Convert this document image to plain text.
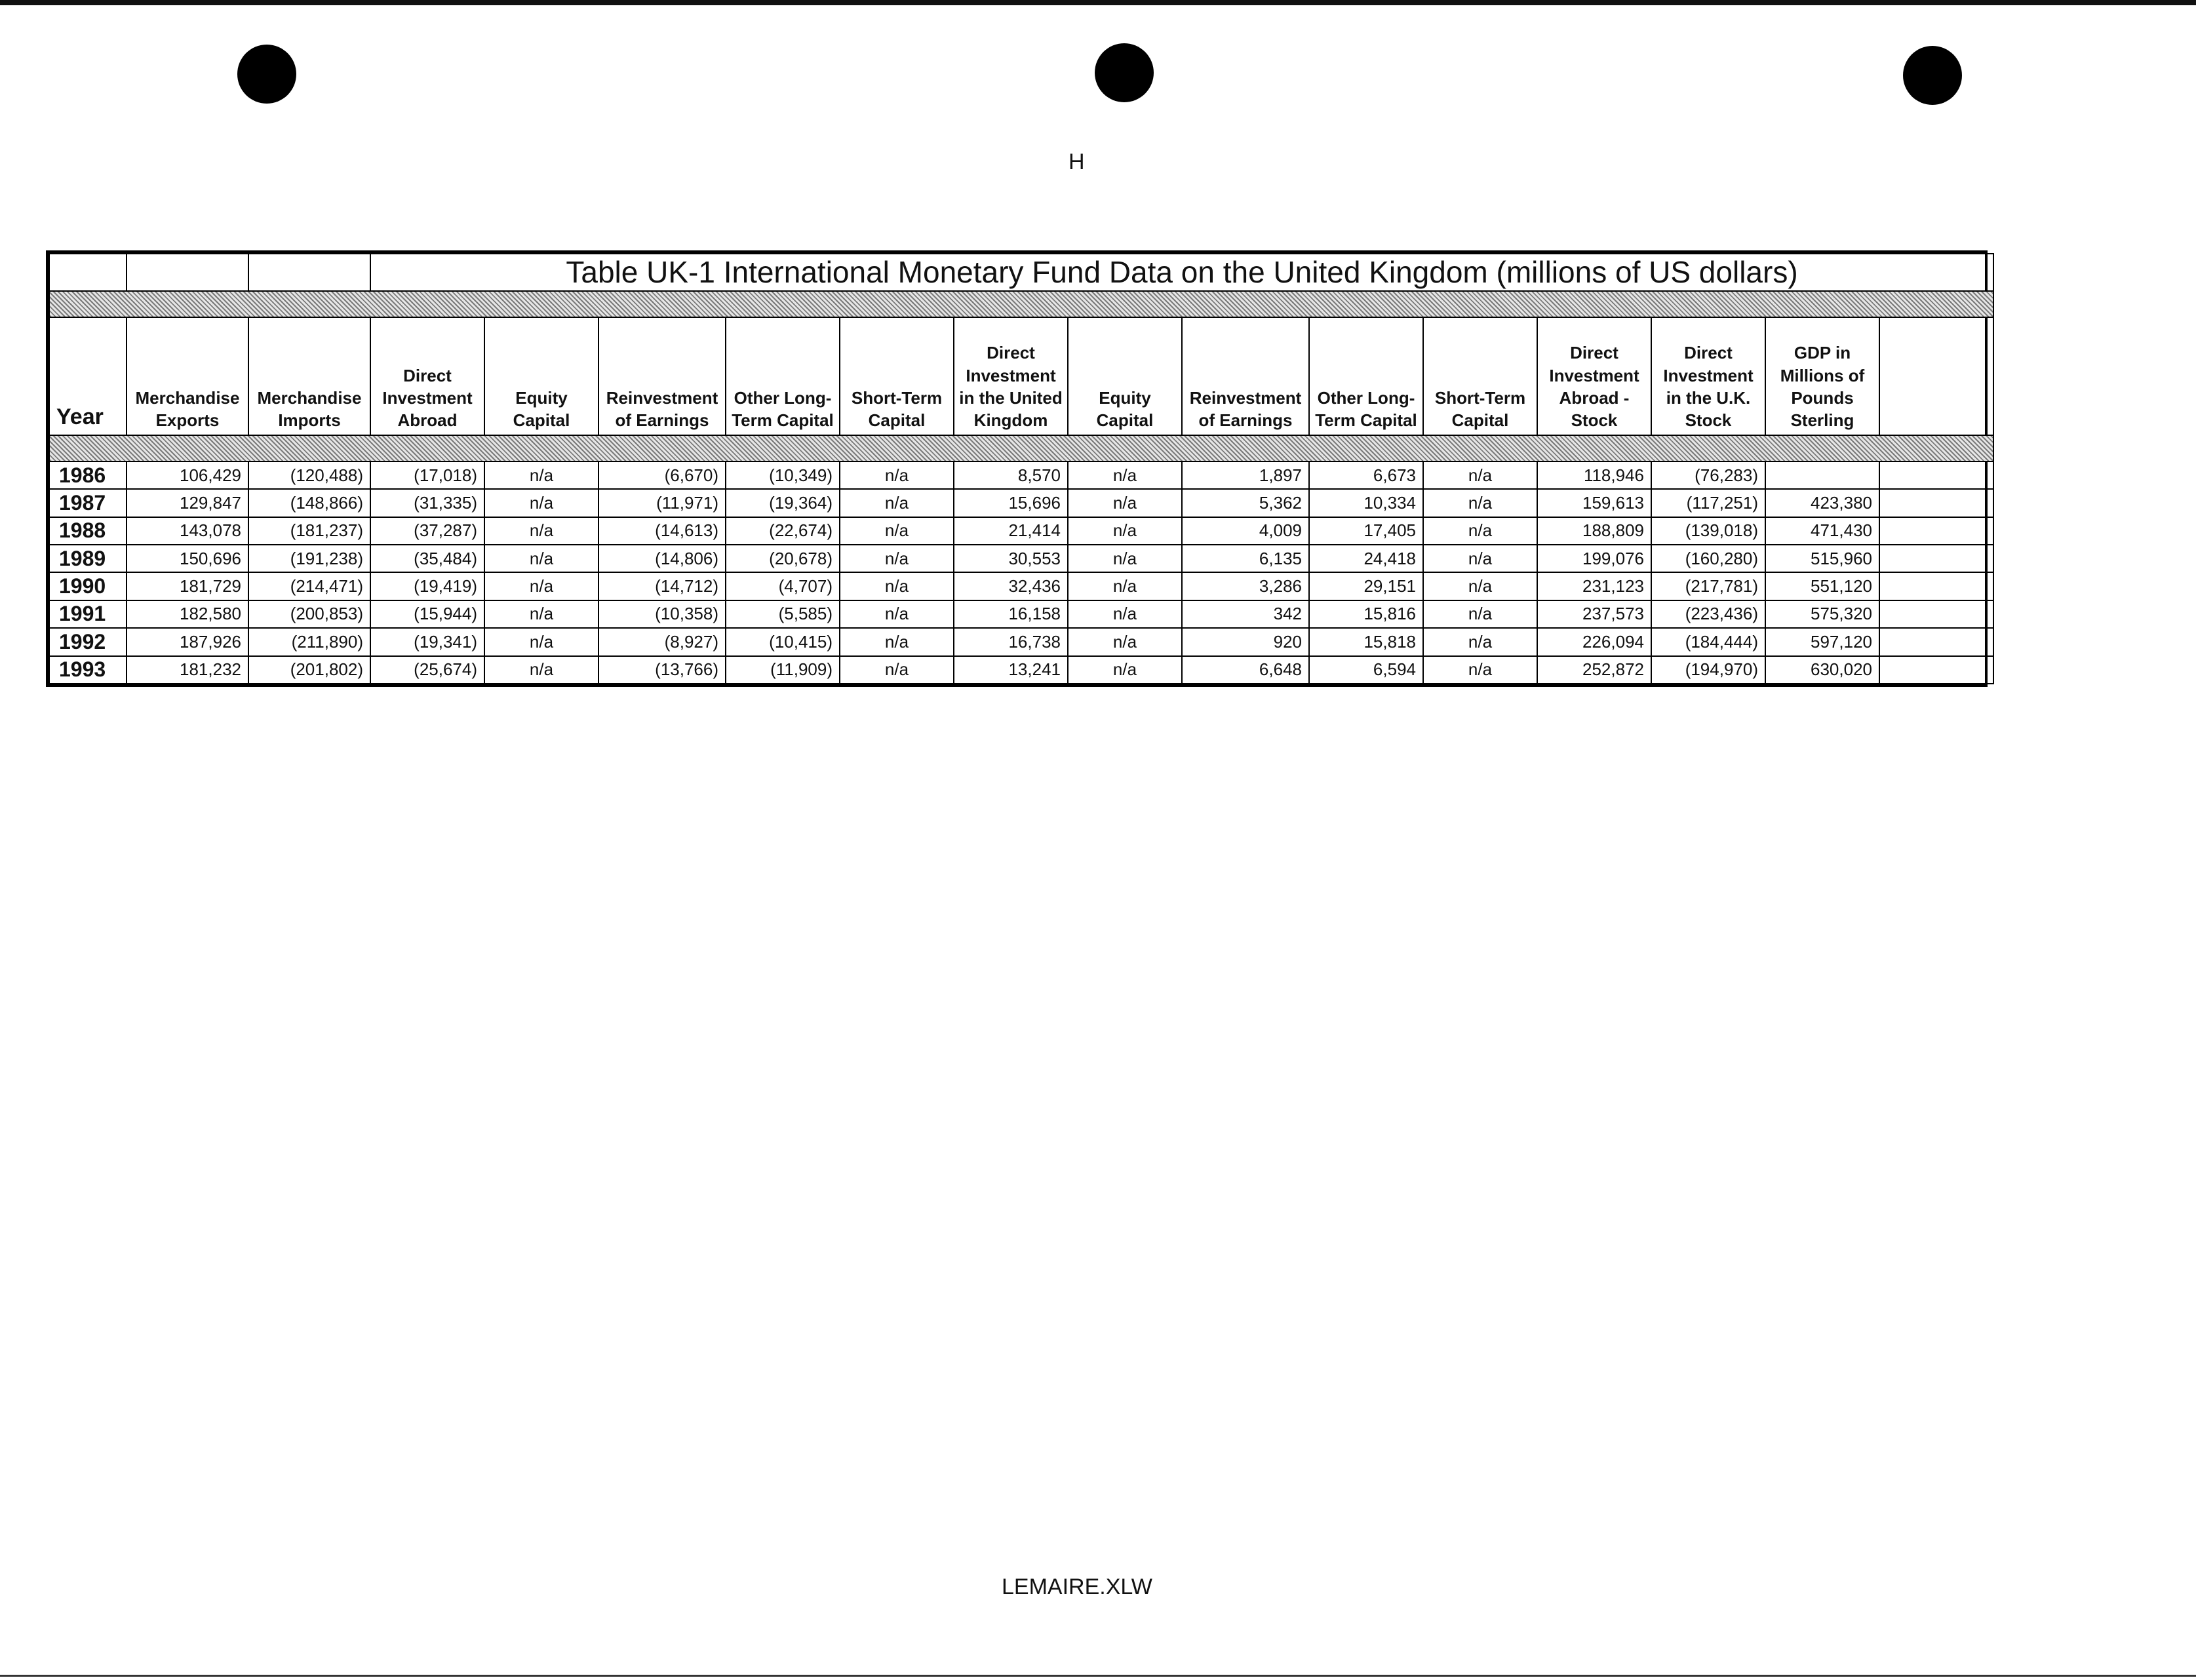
H
			Table UK-1 International Monetary Fund Data on the United Kingdom (millions of US dollars)													

Year	Merchandise Exports	Merchandise Imports	Direct Investment Abroad	Equity Capital	Reinvestment of Earnings	Other Long-Term Capital	Short-Term Capital	Direct Investment in the United Kingdom	Equity Capital	Reinvestment of Earnings	Other Long-Term Capital	Short-Term Capital	Direct Investment Abroad - Stock	Direct Investment in the U.K. Stock	GDP in Millions of Pounds Sterling	

1986	106,429	(120,488)	(17,018)	n/a	(6,670)	(10,349)	n/a	8,570	n/a	1,897	6,673	n/a	118,946	(76,283)		
1987	129,847	(148,866)	(31,335)	n/a	(11,971)	(19,364)	n/a	15,696	n/a	5,362	10,334	n/a	159,613	(117,251)	423,380	
1988	143,078	(181,237)	(37,287)	n/a	(14,613)	(22,674)	n/a	21,414	n/a	4,009	17,405	n/a	188,809	(139,018)	471,430	
1989	150,696	(191,238)	(35,484)	n/a	(14,806)	(20,678)	n/a	30,553	n/a	6,135	24,418	n/a	199,076	(160,280)	515,960	
1990	181,729	(214,471)	(19,419)	n/a	(14,712)	(4,707)	n/a	32,436	n/a	3,286	29,151	n/a	231,123	(217,781)	551,120	
1991	182,580	(200,853)	(15,944)	n/a	(10,358)	(5,585)	n/a	16,158	n/a	342	15,816	n/a	237,573	(223,436)	575,320	
1992	187,926	(211,890)	(19,341)	n/a	(8,927)	(10,415)	n/a	16,738	n/a	920	15,818	n/a	226,094	(184,444)	597,120	
1993	181,232	(201,802)	(25,674)	n/a	(13,766)	(11,909)	n/a	13,241	n/a	6,648	6,594	n/a	252,872	(194,970)	630,020	
LEMAIRE.XLW
